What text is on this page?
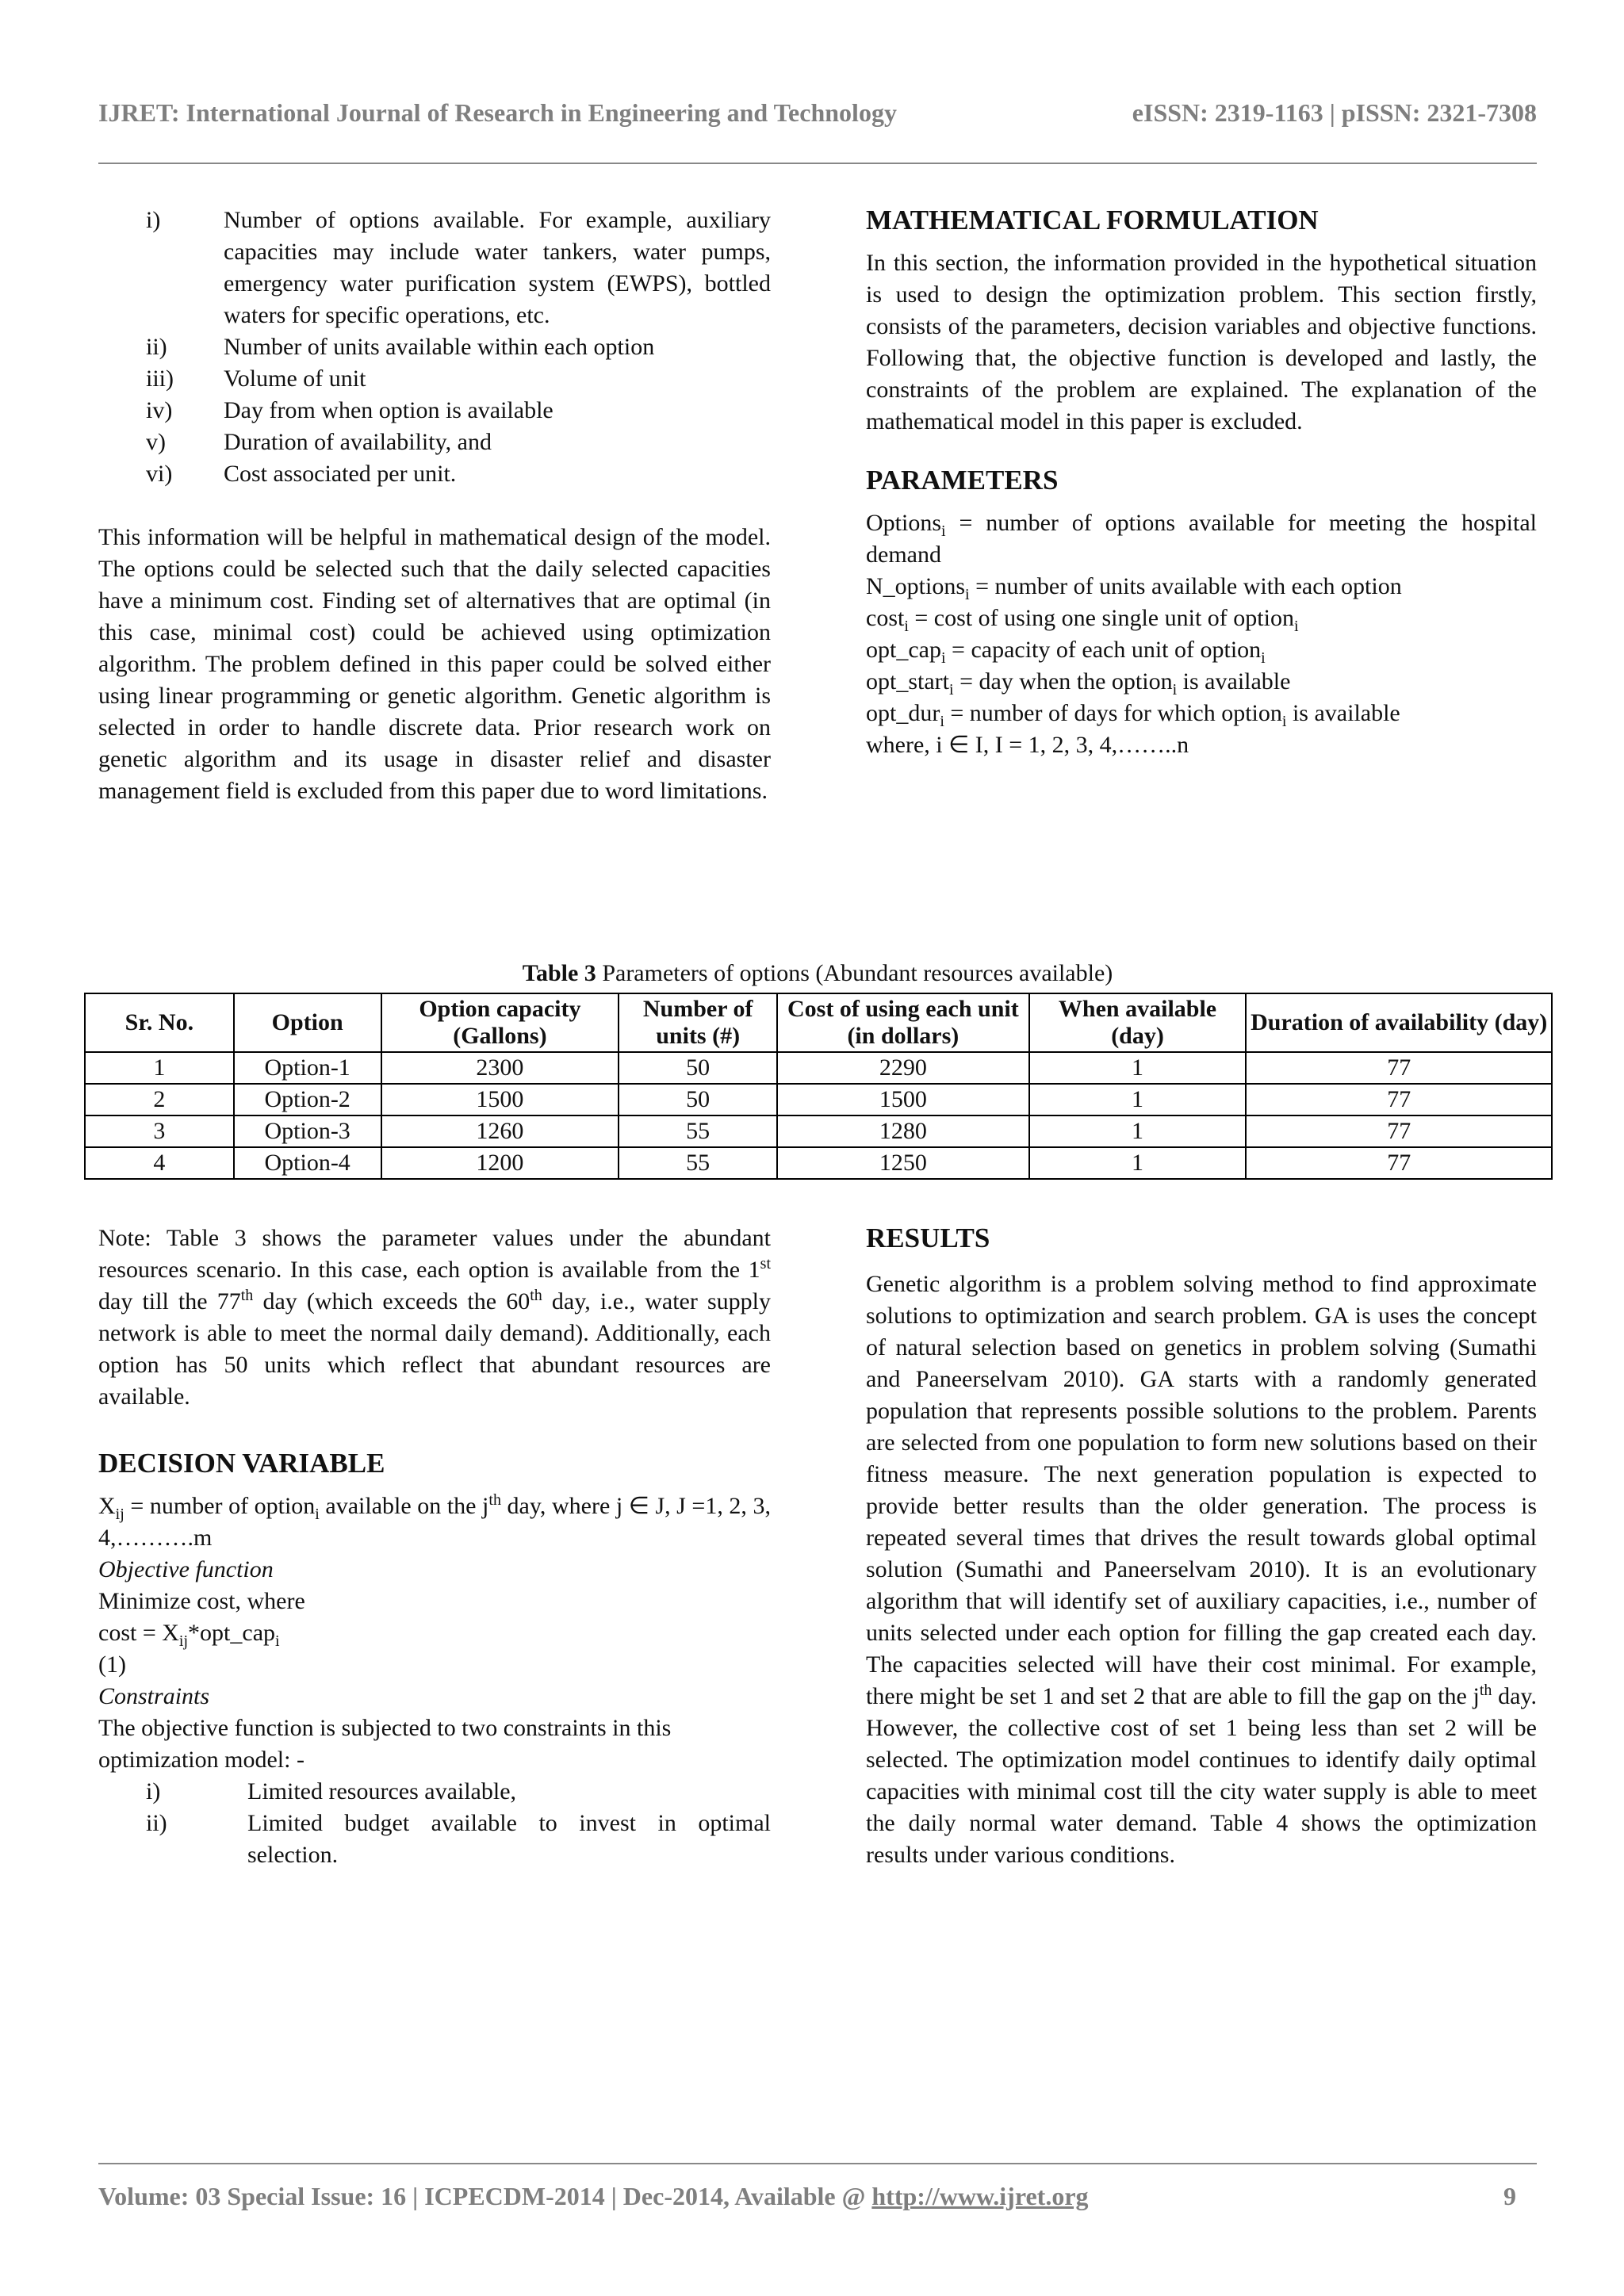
IJRET: International Journal of Research in Engineering and Technology	eISSN: 2319-1163 | pISSN: 2321-7308
i)	Number of options available. For example, auxiliary capacities may include water tankers, water pumps, emergency water purification system (EWPS), bottled waters for specific operations, etc.
ii) Number of units available within each option
iii) Volume of unit
iv) Day from when option is available
v) Duration of availability, and
vi) Cost associated per unit.

This information will be helpful in mathematical design of the model. The options could be selected such that the daily selected capacities have a minimum cost. Finding set of alternatives that are optimal (in this case, minimal cost) could be achieved using optimization algorithm. The problem defined in this paper could be solved either using linear programming or genetic algorithm. Genetic algorithm is selected in order to handle discrete data. Prior research work on genetic algorithm and its usage in disaster relief and disaster management field is excluded from this paper due to word limitations.

MATHEMATICAL FORMULATION

In this section, the information provided in the hypothetical situation is used to design the optimization problem. This section firstly, consists of the parameters, decision variables and objective functions. Following that, the objective function is developed and lastly, the constraints of the problem are explained. The explanation of the mathematical model in this paper is excluded.

PARAMETERS

Options$_i$ = number of options available for meeting the hospital demand

N_options$_i$ = number of units available with each option

cost$_i$ = cost of using one single unit of option$_i$

opt_cap$_i$ = capacity of each unit of option$_i$

opt_start$_i$ = day when the option$_i$ is available

opt_dur$_i$ = number of days for which option$_i$ is available

where, i ∈ I, I = 1, 2, 3, 4,……..n

Table 3 Parameters of options (Abundant resources available)
Sr. No.	Option	Option capacity (Gallons)	Number of units (#)	Cost of using each unit (in dollars)	When available (day)	Duration of availability (day)
1	Option-1	2300	50	2290	1	77
2	Option-2	1500	50	1500	1	77
3	Option-3	1260	55	1280	1	77
4	Option-4	1200	55	1250	1	77

Note: Table 3 shows the parameter values under the abundant resources scenario. In this case, each option is available from the 1st day till the 77th day (which exceeds the 60th day, i.e., water supply network is able to meet the normal daily demand). Additionally, each option has 50 units which reflect that abundant resources are available.

DECISION VARIABLE

$X_{ij}$ = number of option$_i$ available on the $j^{th}$ day, where j ∈ J, J =1, 2, 3, 4,……….m

Objective function

Minimize cost, where

$\cos t = X_{ij}*opt\_cap_i$

(1)

Constraints

The objective function is subjected to two constraints in this optimization model: -

i)	Limited resources available,
ii)	Limited budget available to invest in optimal selection.
RESULTS

Genetic algorithm is a problem solving method to find approximate solutions to optimization and search problem. GA is uses the concept of natural selection based on genetics in problem solving (Sumathi and Paneerselvam 2010). GA starts with a randomly generated population that represents possible solutions to the problem. Parents are selected from one population to form new solutions based on their fitness measure. The next generation population is expected to provide better results than the older generation. The process is repeated several times that drives the result towards global optimal solution (Sumathi and Paneerselvam 2010). It is an evolutionary algorithm that will identify set of auxiliary capacities, i.e., number of units selected under each option for filling the gap created each day. The capacities selected will have their cost minimal. For example, there might be set 1 and set 2 that are able to fill the gap on the $j^{th}$ day. However, the collective cost of set 1 being less than set 2 will be selected. The optimization model continues to identify daily optimal capacities with minimal cost till the city water supply is able to meet the daily normal water demand. Table 4 shows the optimization results under various conditions.

Volume: 03 Special Issue: 16 | ICPECDM-2014 | Dec-2014, Available @ http://www.ijret.org	9
